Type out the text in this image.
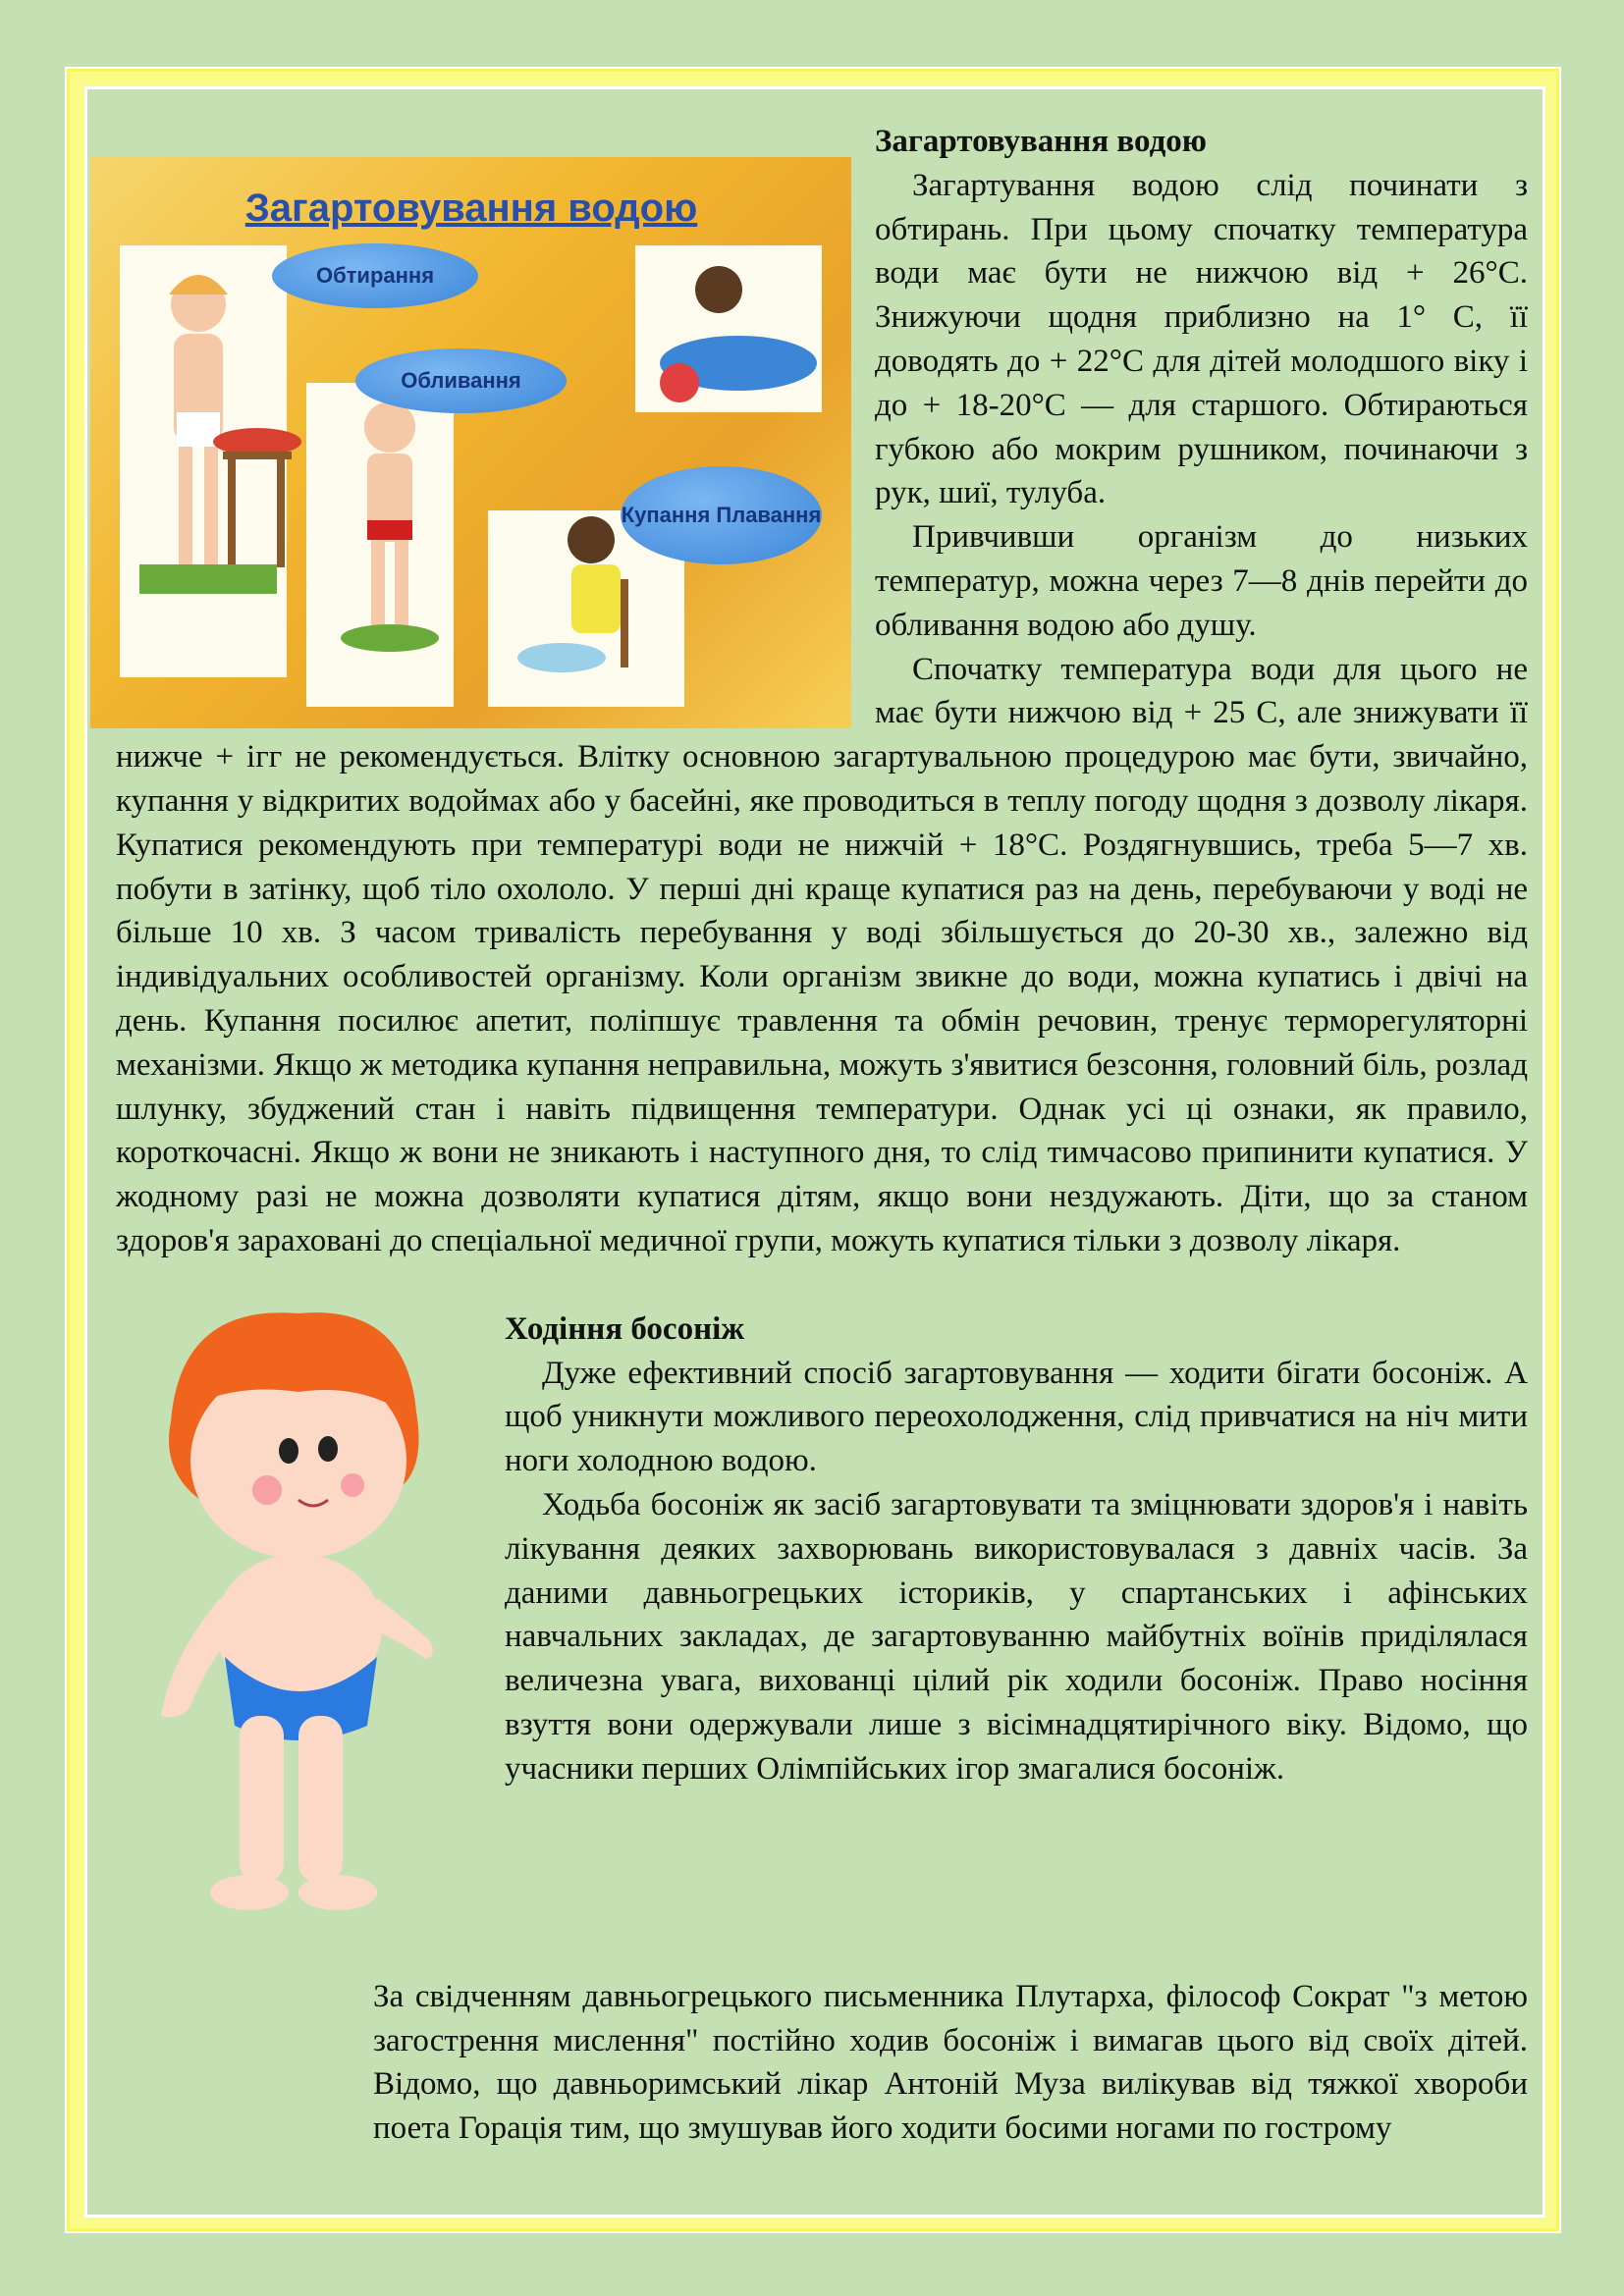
Загартовування водою
Обтирання
Обливання
Купання Плавання
Загартовування водою

Загартування водою слід починати з обтирань. При цьому спочатку температура води має бути не нижчою від + 26°С. Знижуючи щодня приблизно на 1° С, її доводять до + 22°С для дітей молодшого віку і до + 18-20°С — для старшого. Обтираються губкою або мокрим рушником, починаючи з рук, шиї, тулуба.

Привчивши організм до низьких температур, можна через 7—8 днів перейти до обливання водою або душу.

Спочатку температура води для цього не має бути нижчою від + 25 С, але знижувати її нижче + ігг не рекомендується. Влітку основною загартувальною процедурою має бути, звичайно, купання у відкритих водоймах або у басейні, яке проводиться в теплу погоду щодня з дозволу лікаря. Купатися рекомендують при температурі води не нижчій + 18°С. Роздягнувшись, треба 5—7 хв. побути в затінку, щоб тіло охололо. У перші дні краще купатися раз на день, перебуваючи у воді не більше 10 хв. З часом тривалість перебування у воді збільшується до 20-30 хв., залежно від індивідуальних особливостей організму. Коли організм звикне до води, можна купатись і двічі на день. Купання посилює апетит, поліпшує травлення та обмін речовин, тренує терморегуляторні механізми. Якщо ж методика купання неправильна, можуть з'явитися безсоння, головний біль, розлад шлунку, збуджений стан і навіть підвищення температури. Однак усі ці ознаки, як правило, короткочасні. Якщо ж вони не зникають і наступного дня, то слід тимчасово припинити купатися. У жодному разі не можна дозволяти купатися дітям, якщо вони нездужають. Діти, що за станом здоров'я зараховані до спеціальної медичної групи, можуть купатися тільки з дозволу лікаря.

Ходіння босоніж

Дуже ефективний спосіб загартовування — ходити бігати босоніж. А щоб уникнути можливого переохолодження, слід привчатися на ніч мити ноги холодною водою.

Ходьба босоніж як засіб загартовувати та зміцнювати здоров'я і навіть лікування деяких захворювань використовувалася з давніх часів. За даними давньогрецьких істориків, у спартанських і афінських навчальних закладах, де загартовуванню майбутніх воїнів приділялася величезна увага, вихованці цілий рік ходили босоніж. Право носіння взуття вони одержували лише з вісімнадцятирічного віку. Відомо, що учасники перших Олімпійських ігор змагалися босоніж.

За свідченням давньогрецького письменника Плутарха, філософ Сократ "з метою загострення мислення" постійно ходив босоніж і вимагав цього від своїх дітей. Відомо, що давньоримський лікар Антоній Муза вилікував від тяжкої хвороби поета Горація тим, що змушував його ходити босими ногами по гострому
